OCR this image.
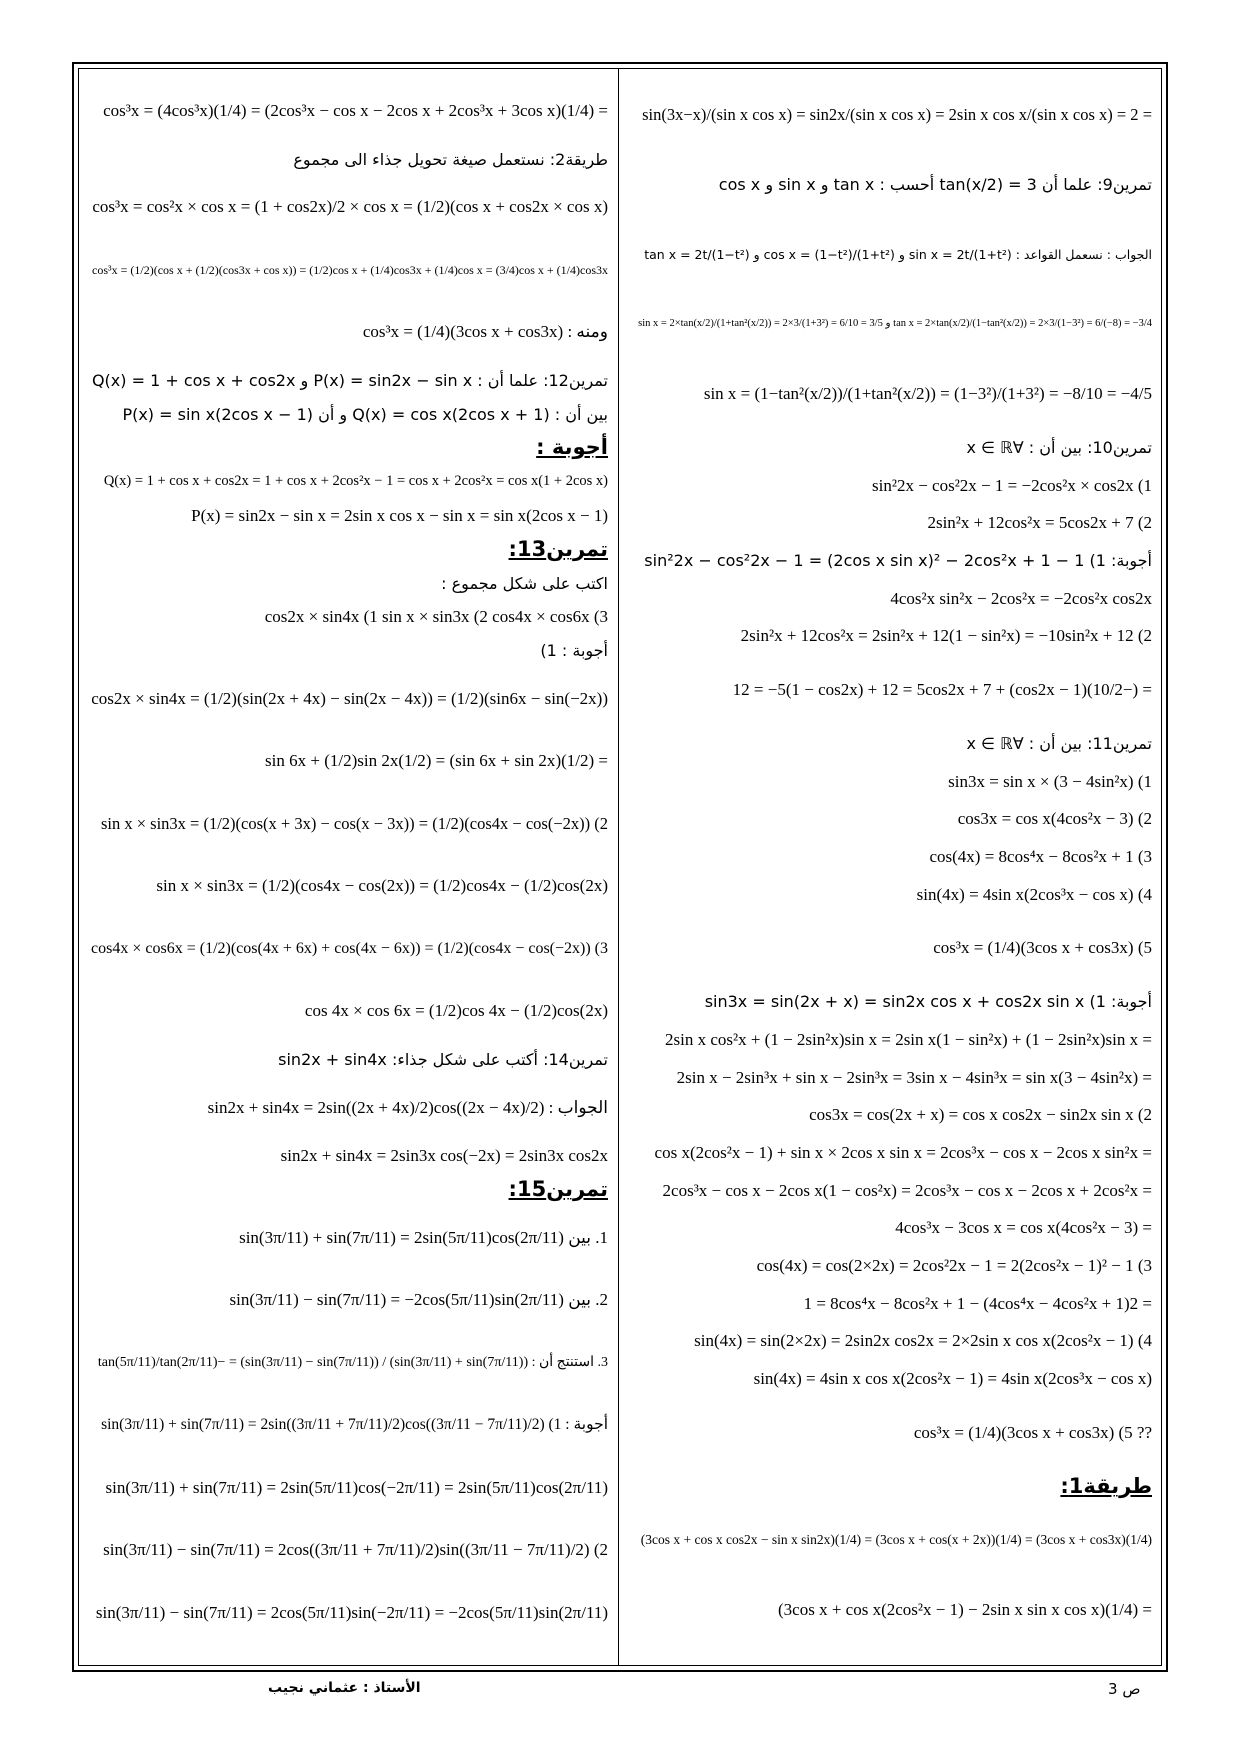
= sin(3x−x)/(sin x cos x) = sin2x/(sin x cos x) = 2sin x cos x/(sin x cos x) = 2
تمرين9: علما أن tan(x/2) = 3 أحسب : tan x و sin x و cos x
الجواب : نسعمل القواعد : sin x = 2t/(1+t²) و cos x = (1−t²)/(1+t²) و tan x = 2t/(1−t²)
tan x = 2×tan(x/2)/(1−tan²(x/2)) = 2×3/(1−3²) = 6/(−8) = −3/4 و sin x = 2×tan(x/2)/(1+tan²(x/2)) = 2×3/(1+3²) = 6/10 = 3/5
sin x = (1−tan²(x/2))/(1+tan²(x/2)) = (1−3²)/(1+3²) = −8/10 = −4/5
تمرين10: بين أن : ∀x ∈ ℝ
sin²2x − cos²2x − 1 = −2cos²x × cos2x (1
2sin²x + 12cos²x = 5cos2x + 7 (2
أجوبة: 1) sin²2x − cos²2x − 1 = (2cos x sin x)² − 2cos²x + 1 − 1
4cos²x sin²x − 2cos²x = −2cos²x cos2x
2sin²x + 12cos²x = 2sin²x + 12(1 − sin²x) = −10sin²x + 12 (2
= (−10/2)(1 − cos2x) + 12 = −5(1 − cos2x) + 12 = 5cos2x + 7
تمرين11: بين أن : ∀x ∈ ℝ
sin3x = sin x × (3 − 4sin²x) (1
cos3x = cos x(4cos²x − 3) (2
cos(4x) = 8cos⁴x − 8cos²x + 1 (3
sin(4x) = 4sin x(2cos³x − cos x) (4
cos³x = (1/4)(3cos x + cos3x) (5
أجوبة: 1) sin3x = sin(2x + x) = sin2x cos x + cos2x sin x
= 2sin x cos²x + (1 − 2sin²x)sin x = 2sin x(1 − sin²x) + (1 − 2sin²x)sin x
= 2sin x − 2sin³x + sin x − 2sin³x = 3sin x − 4sin³x = sin x(3 − 4sin²x)
cos3x = cos(2x + x) = cos x cos2x − sin2x sin x (2
= cos x(2cos²x − 1) + sin x × 2cos x sin x = 2cos³x − cos x − 2cos x sin²x
= 2cos³x − cos x − 2cos x(1 − cos²x) = 2cos³x − cos x − 2cos x + 2cos²x
= 4cos³x − 3cos x = cos x(4cos²x − 3)
cos(4x) = cos(2×2x) = 2cos²2x − 1 = 2(2cos²x − 1)² − 1 (3
= 2(4cos⁴x − 4cos²x + 1) − 1 = 8cos⁴x − 8cos²x + 1
sin(4x) = sin(2×2x) = 2sin2x cos2x = 2×2sin x cos x(2cos²x − 1) (4
sin(4x) = 4sin x cos x(2cos²x − 1) = 4sin x(2cos³x − cos x)
?? cos³x = (1/4)(3cos x + cos3x) (5
طريقة1:
(1/4)(3cos x + cos3x) = (1/4)(3cos x + cos(x + 2x)) = (1/4)(3cos x + cos x cos2x − sin x sin2x)
= (1/4)(3cos x + cos x(2cos²x − 1) − 2sin x sin x cos x)
= (1/4)(2cos³x − cos x − 2cos x + 2cos³x + 3cos x) = (1/4)(4cos³x) = cos³x
طريقة2: نستعمل صيغة تحويل جذاء الى مجموع
cos³x = cos²x × cos x = (1 + cos2x)/2 × cos x = (1/2)(cos x + cos2x × cos x)
cos³x = (1/2)(cos x + (1/2)(cos3x + cos x)) = (1/2)cos x + (1/4)cos3x + (1/4)cos x = (3/4)cos x + (1/4)cos3x
ومنه : cos³x = (1/4)(3cos x + cos3x)
تمرين12: علما أن : P(x) = sin2x − sin x و Q(x) = 1 + cos x + cos2x
بين أن : Q(x) = cos x(2cos x + 1) و أن P(x) = sin x(2cos x − 1)
أجوبة :
Q(x) = 1 + cos x + cos2x = 1 + cos x + 2cos²x − 1 = cos x + 2cos²x = cos x(1 + 2cos x)
P(x) = sin2x − sin x = 2sin x cos x − sin x = sin x(2cos x − 1)
تمرين13:
اكتب على شكل مجموع :
cos2x × sin4x (1 sin x × sin3x (2 cos4x × cos6x (3
أجوبة : 1)
cos2x × sin4x = (1/2)(sin(2x + 4x) − sin(2x − 4x)) = (1/2)(sin6x − sin(−2x))
= (1/2)(sin 6x + sin 2x) = (1/2)sin 6x + (1/2)sin 2x
sin x × sin3x = (1/2)(cos(x + 3x) − cos(x − 3x)) = (1/2)(cos4x − cos(−2x)) (2
sin x × sin3x = (1/2)(cos4x − cos(2x)) = (1/2)cos4x − (1/2)cos(2x)
cos4x × cos6x = (1/2)(cos(4x + 6x) + cos(4x − 6x)) = (1/2)(cos4x − cos(−2x)) (3
cos 4x × cos 6x = (1/2)cos 4x − (1/2)cos(2x)
تمرين14: أكتب على شكل جذاء: sin2x + sin4x
الجواب : sin2x + sin4x = 2sin((2x + 4x)/2)cos((2x − 4x)/2)
sin2x + sin4x = 2sin3x cos(−2x) = 2sin3x cos2x
تمرين15:
1. بين sin(3π/11) + sin(7π/11) = 2sin(5π/11)cos(2π/11)
2. بين sin(3π/11) − sin(7π/11) = −2cos(5π/11)sin(2π/11)
3. استنتج أن : (sin(3π/11) + sin(7π/11)) / (sin(3π/11) − sin(7π/11)) = −tan(5π/11)/tan(2π/11)
أجوبة : 1) sin(3π/11) + sin(7π/11) = 2sin((3π/11 + 7π/11)/2)cos((3π/11 − 7π/11)/2)
sin(3π/11) + sin(7π/11) = 2sin(5π/11)cos(−2π/11) = 2sin(5π/11)cos(2π/11)
sin(3π/11) − sin(7π/11) = 2cos((3π/11 + 7π/11)/2)sin((3π/11 − 7π/11)/2) (2
sin(3π/11) − sin(7π/11) = 2cos(5π/11)sin(−2π/11) = −2cos(5π/11)sin(2π/11)
الأستاذ : عثماني نجيب	ص 3
